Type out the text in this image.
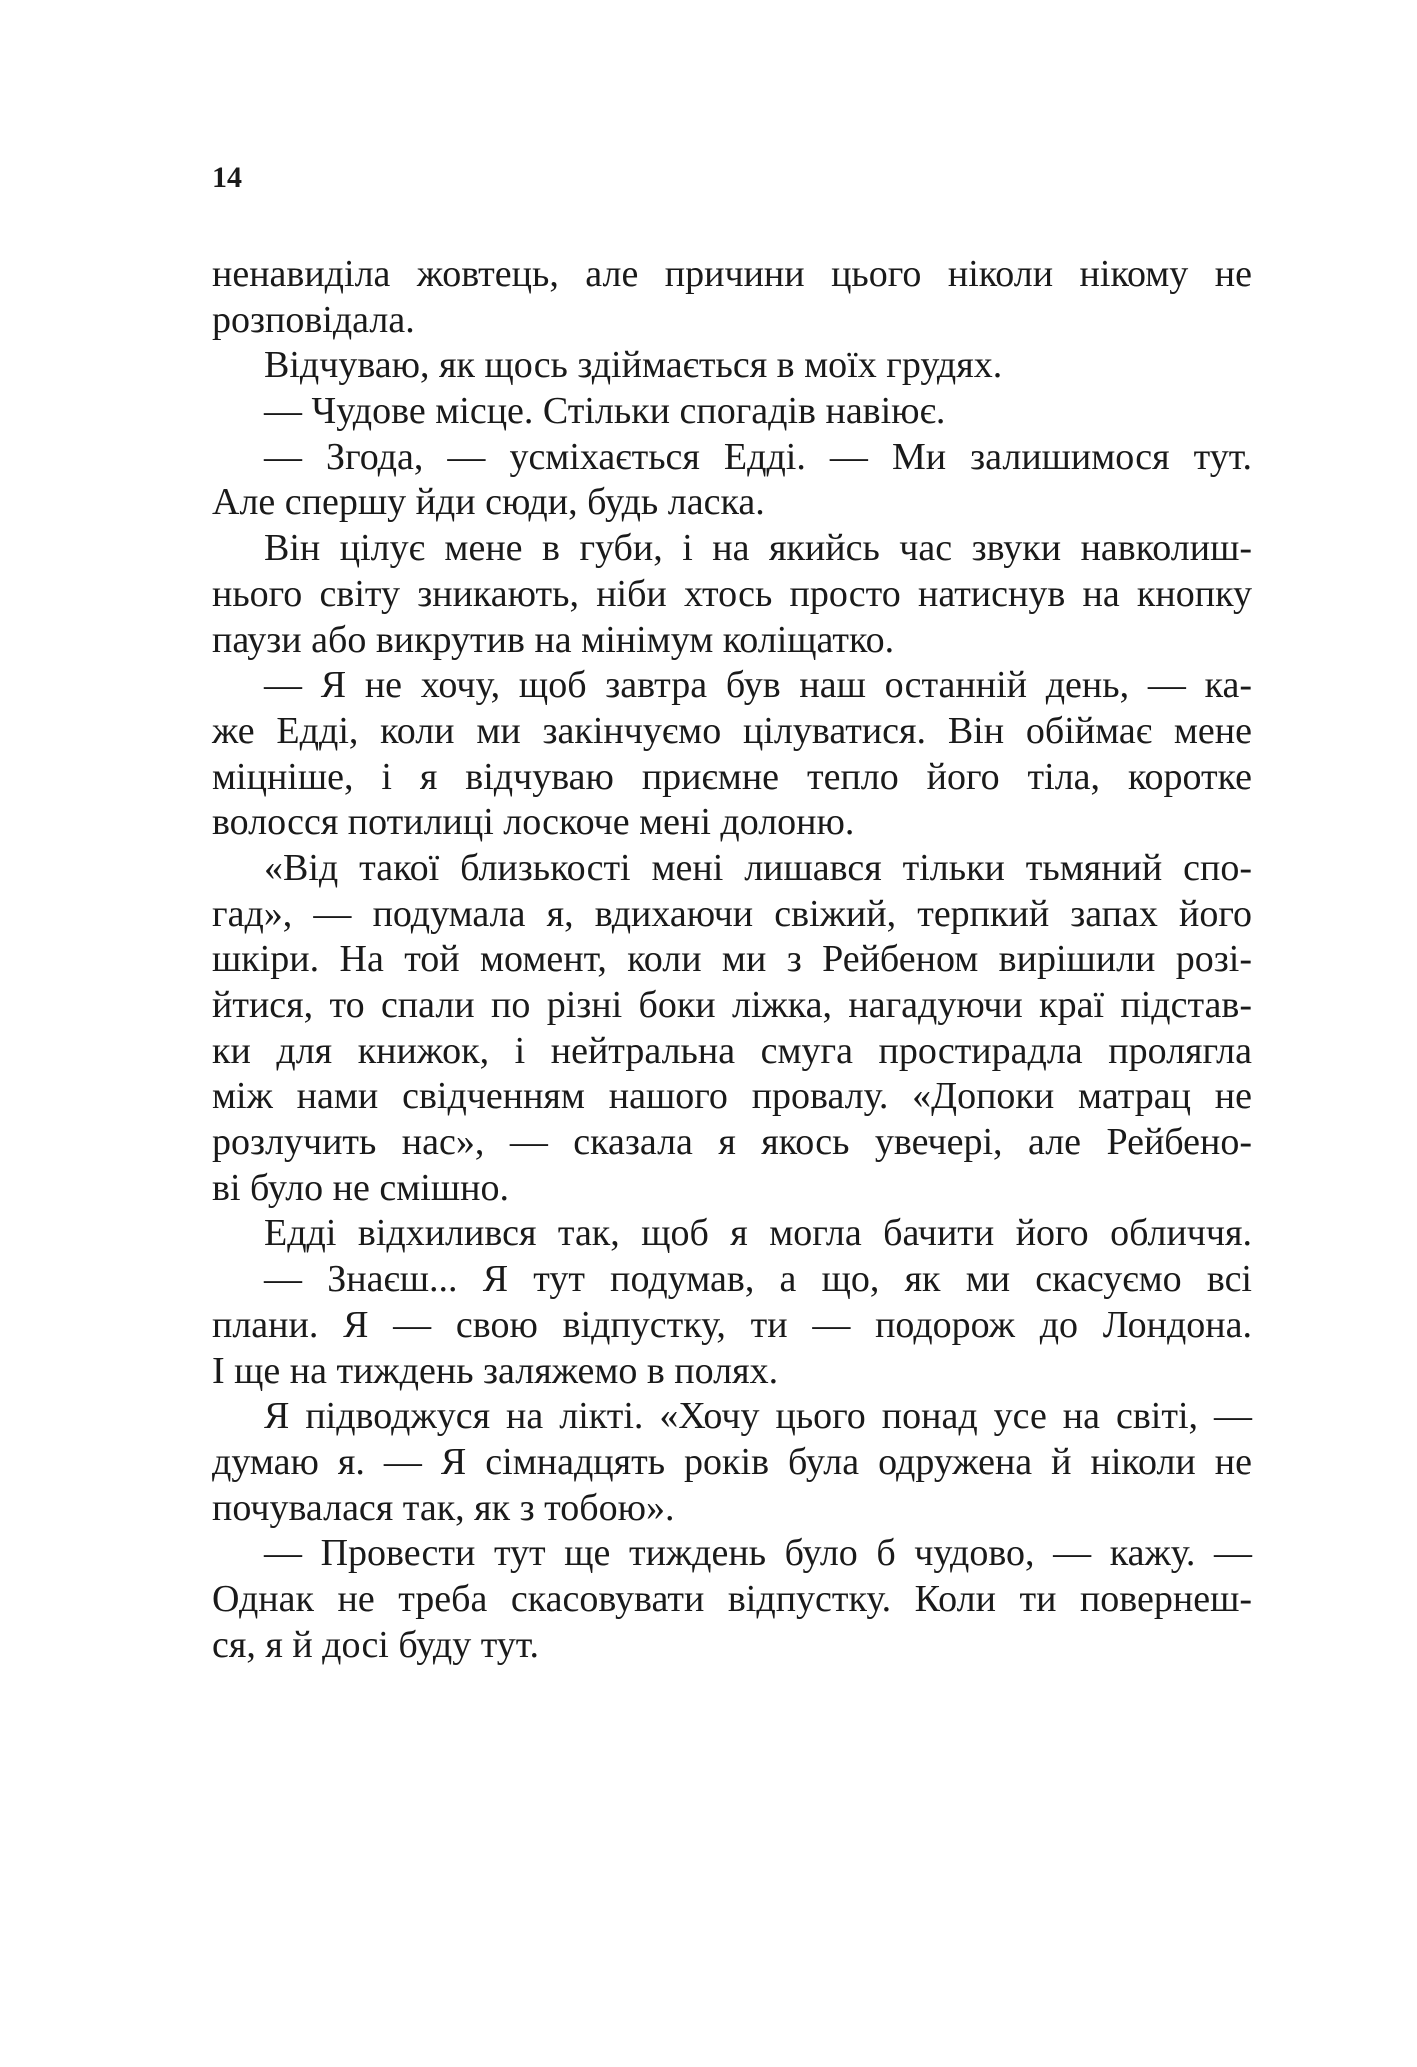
14
ненавиділа жовтець, але причини цього ніколи нікому не
розповідала.
Відчуваю, як щось здіймається в моїх грудях.
— Чудове місце. Стільки спогадів навіює.
— Згода, — усміхається Едді. — Ми залишимося тут.
Але спершу йди сюди, будь ласка.
Він цілує мене в губи, і на якийсь час звуки навколиш-
нього світу зникають, ніби хтось просто натиснув на кнопку
паузи або викрутив на мінімум коліщатко.
— Я не хочу, щоб завтра був наш останній день, — ка-
же Едді, коли ми закінчуємо цілуватися. Він обіймає мене
міцніше, і я відчуваю приємне тепло його тіла, коротке
волосся потилиці лоскоче мені долоню.
«Від такої близькості мені лишався тільки тьмяний спо-
гад», — подумала я, вдихаючи свіжий, терпкий запах його
шкіри. На той момент, коли ми з Рейбеном вирішили розі-
йтися, то спали по різні боки ліжка, нагадуючи краї підстав-
ки для книжок, і нейтральна смуга простирадла пролягла
між нами свідченням нашого провалу. «Допоки матрац не
розлучить нас», — сказала я якось увечері, але Рейбено-
ві було не смішно.
Едді відхилився так, щоб я могла бачити його обличчя.
— Знаєш... Я тут подумав, а що, як ми скасуємо всі
плани. Я — свою відпустку, ти — подорож до Лондона.
І ще на тиждень заляжемо в полях.
Я підводжуся на лікті. «Хочу цього понад усе на світі, —
думаю я. — Я сімнадцять років була одружена й ніколи не
почувалася так, як з тобою».
— Провести тут ще тиждень було б чудово, — кажу. —
Однак не треба скасовувати відпустку. Коли ти повернеш-
ся, я й досі буду тут.
